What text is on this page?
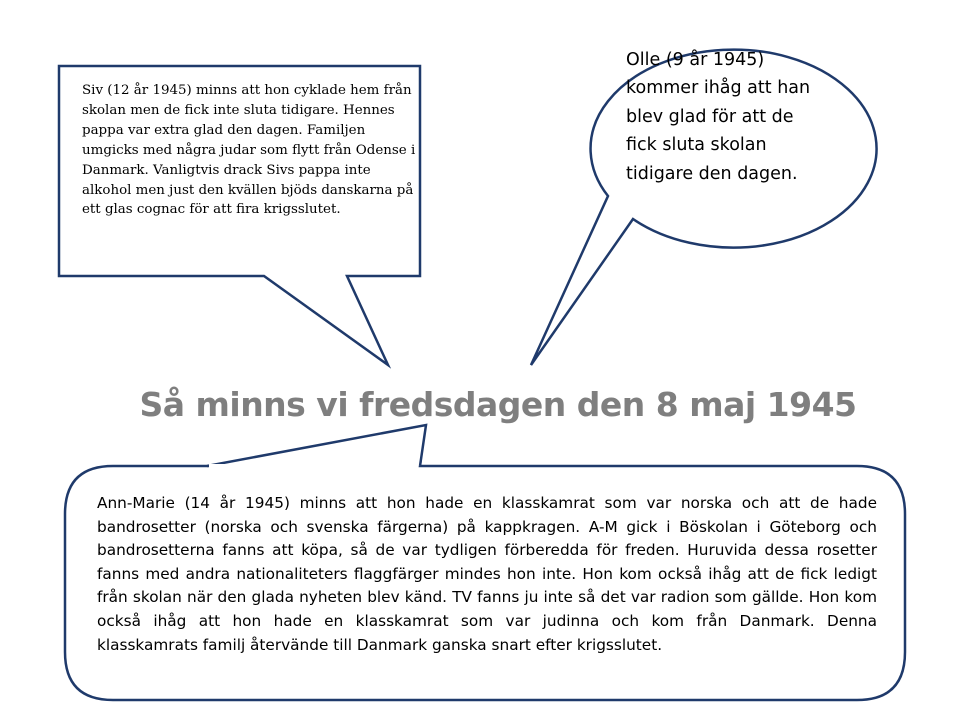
Siv (12 år 1945) minns att hon cyklade hem från skolan men de fick inte sluta tidigare. Hennes pappa var extra glad den dagen. Familjen umgicks med några judar som flytt från Odense i Danmark. Vanligtvis drack Sivs pappa inte alkohol men just den kvällen bjöds danskarna på ett glas cognac för att fira krigsslutet.
Olle (9 år 1945) kommer ihåg att han blev glad för att de fick sluta skolan tidigare den dagen.
Så minns vi fredsdagen den 8 maj 1945
Ann-Marie (14 år 1945) minns att hon hade en klasskamrat som var norska och att de hade bandrosetter (norska och svenska färgerna) på kappkragen. A-M gick i Böskolan i Göteborg och bandrosetterna fanns att köpa, så de var tydligen förberedda för freden. Huruvida dessa rosetter fanns med andra nationaliteters flaggfärger mindes hon inte. Hon kom också ihåg att de fick ledigt från skolan när den glada nyheten blev känd. TV fanns ju inte så det var radion som gällde. Hon kom också ihåg att hon hade en klasskamrat som var judinna och kom från Danmark. Denna klasskamrats familj återvände till Danmark ganska snart efter krigsslutet.
